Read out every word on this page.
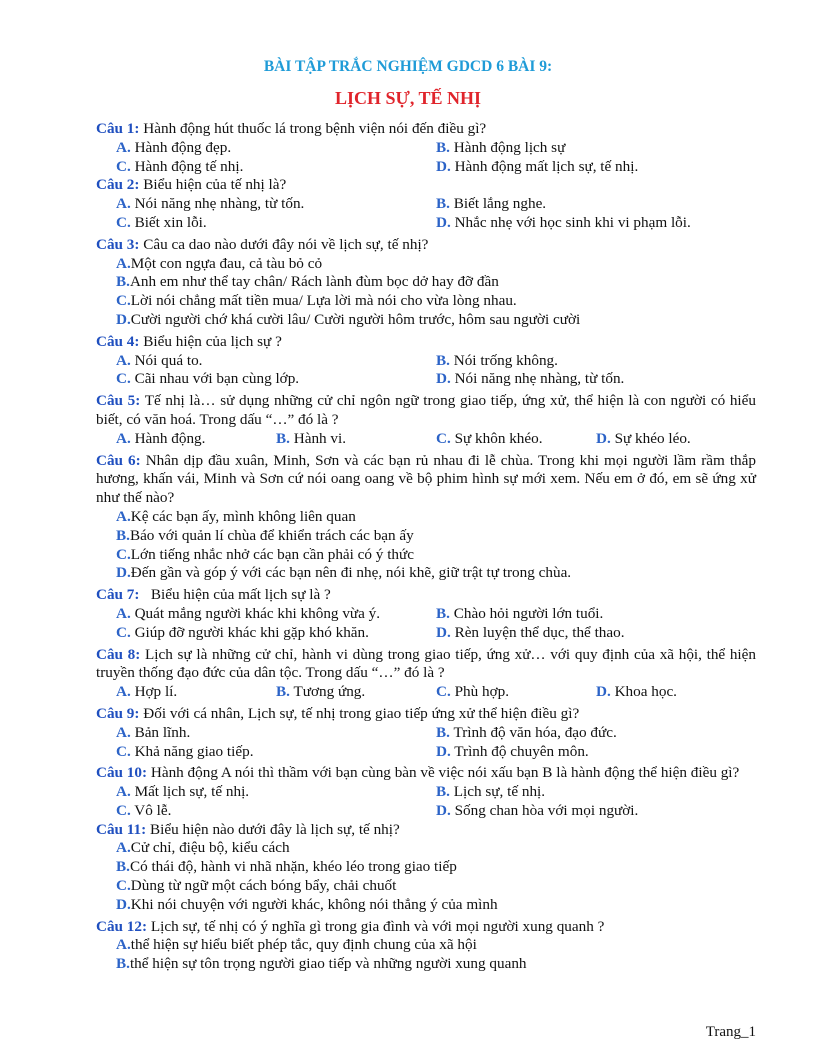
BÀI TẬP TRẮC NGHIỆM GDCD 6 BÀI 9:
LỊCH SỰ, TẾ NHỊ

Câu 1: Hành động hút thuốc lá trong bệnh viện nói đến điều gì?

A. Hành động đẹp.	B. Hành động lịch sự
C. Hành động tế nhị.	D. Hành động mất lịch sự, tế nhị.

Câu 2: Biểu hiện của tế nhị là?

A. Nói năng nhẹ nhàng, từ tốn.	B. Biết lắng nghe.
C. Biết xin lỗi.	D. Nhắc nhẹ với học sinh khi vi phạm lỗi.

Câu 3: Câu ca dao nào dưới đây nói về lịch sự, tế nhị?

A. Một con ngựa đau, cả tàu bỏ cỏ
B. Anh em như thể tay chân/ Rách lành đùm bọc dở hay đỡ đần
C. Lời nói chẳng mất tiền mua/ Lựa lời mà nói cho vừa lòng nhau.
D. Cười người chớ khá cười lâu/ Cười người hôm trước, hôm sau người cười

Câu 4: Biểu hiện của lịch sự ?

A. Nói quá to.	B. Nói trống không.
C. Cãi nhau với bạn cùng lớp.	D. Nói năng nhẹ nhàng, từ tốn.

Câu 5: Tế nhị là… sử dụng những cử chỉ ngôn ngữ trong giao tiếp, ứng xử, thể hiện là con người có hiểu biết, có văn hoá. Trong dấu “…” đó là ?

A. Hành động.	B. Hành vi.	C. Sự khôn khéo.	D. Sự khéo léo.

Câu 6: Nhân dịp đầu xuân, Minh, Sơn và các bạn rủ nhau đi lễ chùa. Trong khi mọi người lầm rầm thắp hương, khấn vái, Minh và Sơn cứ nói oang oang về bộ phim hình sự mới xem. Nếu em ở đó, em sẽ ứng xử như thế nào?

A. Kệ các bạn ấy, mình không liên quan
B. Báo với quản lí chùa để khiển trách các bạn ấy
C. Lớn tiếng nhắc nhở các bạn cần phải có ý thức
D. Đến gần và góp ý với các bạn nên đi nhẹ, nói khẽ, giữ trật tự trong chùa.

Câu 7:   Biểu hiện của mất lịch sự là ?

A. Quát mắng người khác khi không vừa ý.	B. Chào hỏi người lớn tuổi.
C. Giúp đỡ người khác khi gặp khó khăn.	D. Rèn luyện thể dục, thể thao.

Câu 8: Lịch sự là những cử chỉ, hành vi dùng trong giao tiếp, ứng xử… với quy định của xã hội, thể hiện truyền thống đạo đức của dân tộc. Trong dấu “…” đó là ?

A. Hợp lí.	B. Tương ứng.	C. Phù hợp.	D. Khoa học.

Câu 9: Đối với cá nhân, Lịch sự, tế nhị trong giao tiếp ứng xử thể hiện điều gì?

A. Bản lĩnh.	B. Trình độ văn hóa, đạo đức.
C. Khả năng giao tiếp.	D. Trình độ chuyên môn.

Câu 10: Hành động A nói thì thầm với bạn cùng bàn về việc nói xấu bạn B là hành động thể hiện điều gì?

A. Mất lịch sự, tế nhị.	B. Lịch sự, tế nhị.
C. Vô lễ.	D. Sống chan hòa với mọi người.

Câu 11: Biểu hiện nào dưới đây là lịch sự, tế nhị?

A. Cử chỉ, điệu bộ, kiểu cách
B. Có thái độ, hành vi nhã nhặn, khéo léo trong giao tiếp
C. Dùng từ ngữ một cách bóng bẩy, chải chuốt
D. Khi nói chuyện với người khác, không nói thẳng ý của mình

Câu 12: Lịch sự, tế nhị có ý nghĩa gì trong gia đình và với mọi người xung quanh ?

A. thể hiện sự hiểu biết phép tắc, quy định chung của xã hội
B. thể hiện sự tôn trọng người giao tiếp và những người xung quanh
Trang_1
